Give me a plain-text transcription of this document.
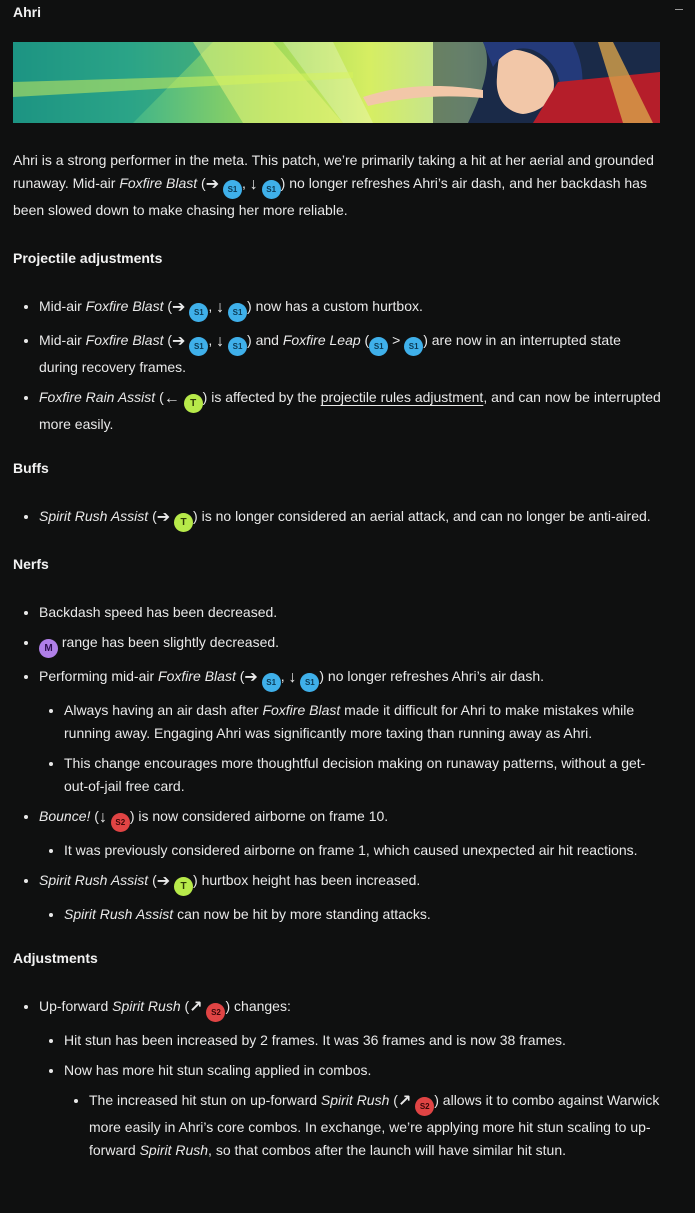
Ahri

Ahri is a strong performer in the meta. This patch, we’re primarily taking a hit at her aerial and grounded runaway. Mid-air Foxfire Blast (➔ S1 , ↓ S1 ) no longer refreshes Ahri’s air dash, and her backdash has been slowed down to make chasing her more reliable.

Projectile adjustments
• Mid-air Foxfire Blast (➔ S1 , ↓ S1 ) now has a custom hurtbox.
• Mid-air Foxfire Blast (➔ S1 , ↓ S1 ) and Foxfire Leap ( S1 > S1 ) are now in an interrupted state during recovery frames.
• Foxfire Rain Assist (← T ) is affected by the projectile rules adjustment, and can now be interrupted more easily.
Buffs
• Spirit Rush Assist (➔ T ) is no longer considered an aerial attack, and can no longer be anti-aired.
Nerfs
• Backdash speed has been decreased.
• M range has been slightly decreased.
• Performing mid-air Foxfire Blast (➔ S1 , ↓ S1 ) no longer refreshes Ahri’s air dash.
• Always having an air dash after Foxfire Blast made it difficult for Ahri to make mistakes while running away. Engaging Ahri was significantly more taxing than running away as Ahri.
• This change encourages more thoughtful decision making on runaway patterns, without a get-out-of-jail free card.
• Bounce! (↓ S2 ) is now considered airborne on frame 10.
• It was previously considered airborne on frame 1, which caused unexpected air hit reactions.
• Spirit Rush Assist (➔ T ) hurtbox height has been increased.
• Spirit Rush Assist can now be hit by more standing attacks.
Adjustments
• Up-forward Spirit Rush (↗ S2 ) changes:
• Hit stun has been increased by 2 frames. It was 36 frames and is now 38 frames.
• Now has more hit stun scaling applied in combos.
• The increased hit stun on up-forward Spirit Rush (↗ S2 ) allows it to combo against Warwick more easily in Ahri’s core combos. In exchange, we’re applying more hit stun scaling to up-forward Spirit Rush, so that combos after the launch will have similar hit stun.
